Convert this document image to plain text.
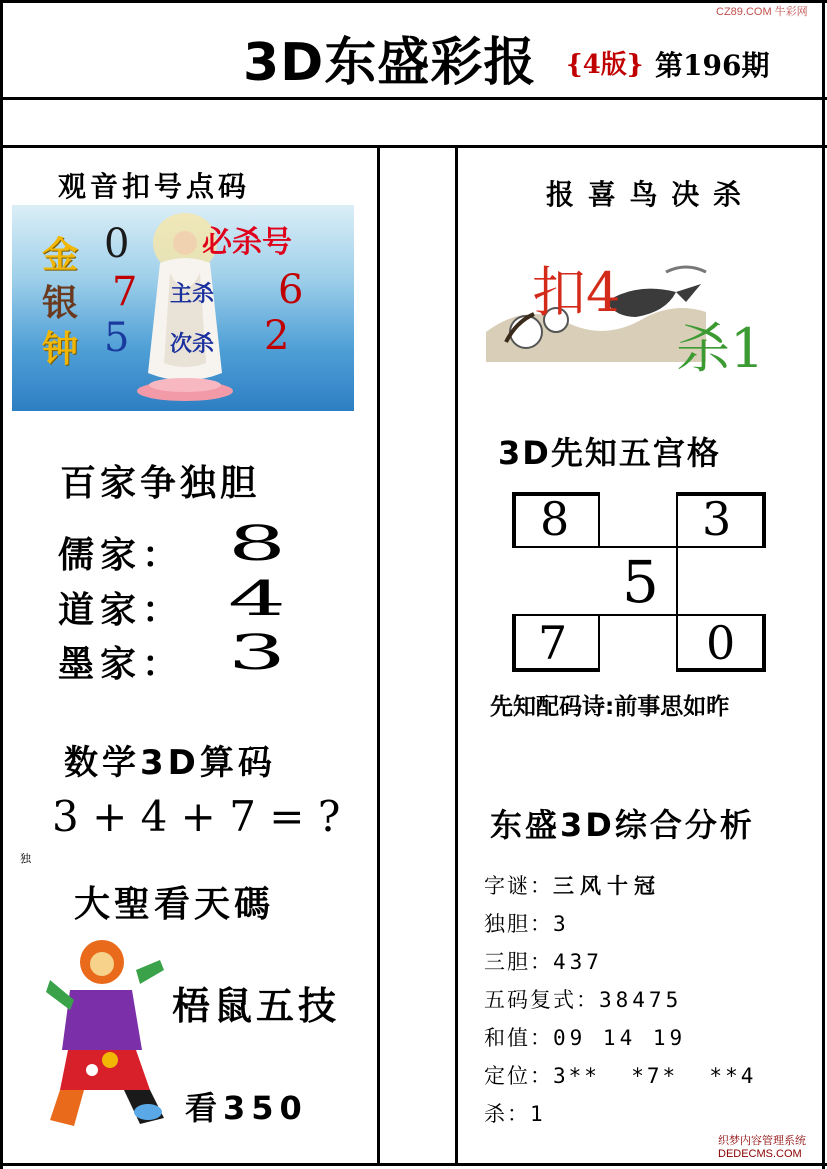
CZ89.COM 牛彩网
3D东盛彩报 {4版} 第196期
观音扣号点码
金 0
银 7
钟 5
必杀号
主杀 6
次杀 2
百家争独胆
儒家： 8
道家： 4
墨家： 3
数学3D算码
3 + 4 + 7 = ?
独
大聖看天碼
梧鼠五技
看350
报 喜 鸟 决 杀
扣4
杀1
3D先知五宫格
8	3
5
7	0
先知配码诗:前事思如昨
东盛3D综合分析
字谜：三风十冠
独胆：3
三胆：437
五码复式：38475
和值：09 14 19
定位：3**  *7*  **4
杀：1
织梦内容管理系统
DEDECMS.COM
